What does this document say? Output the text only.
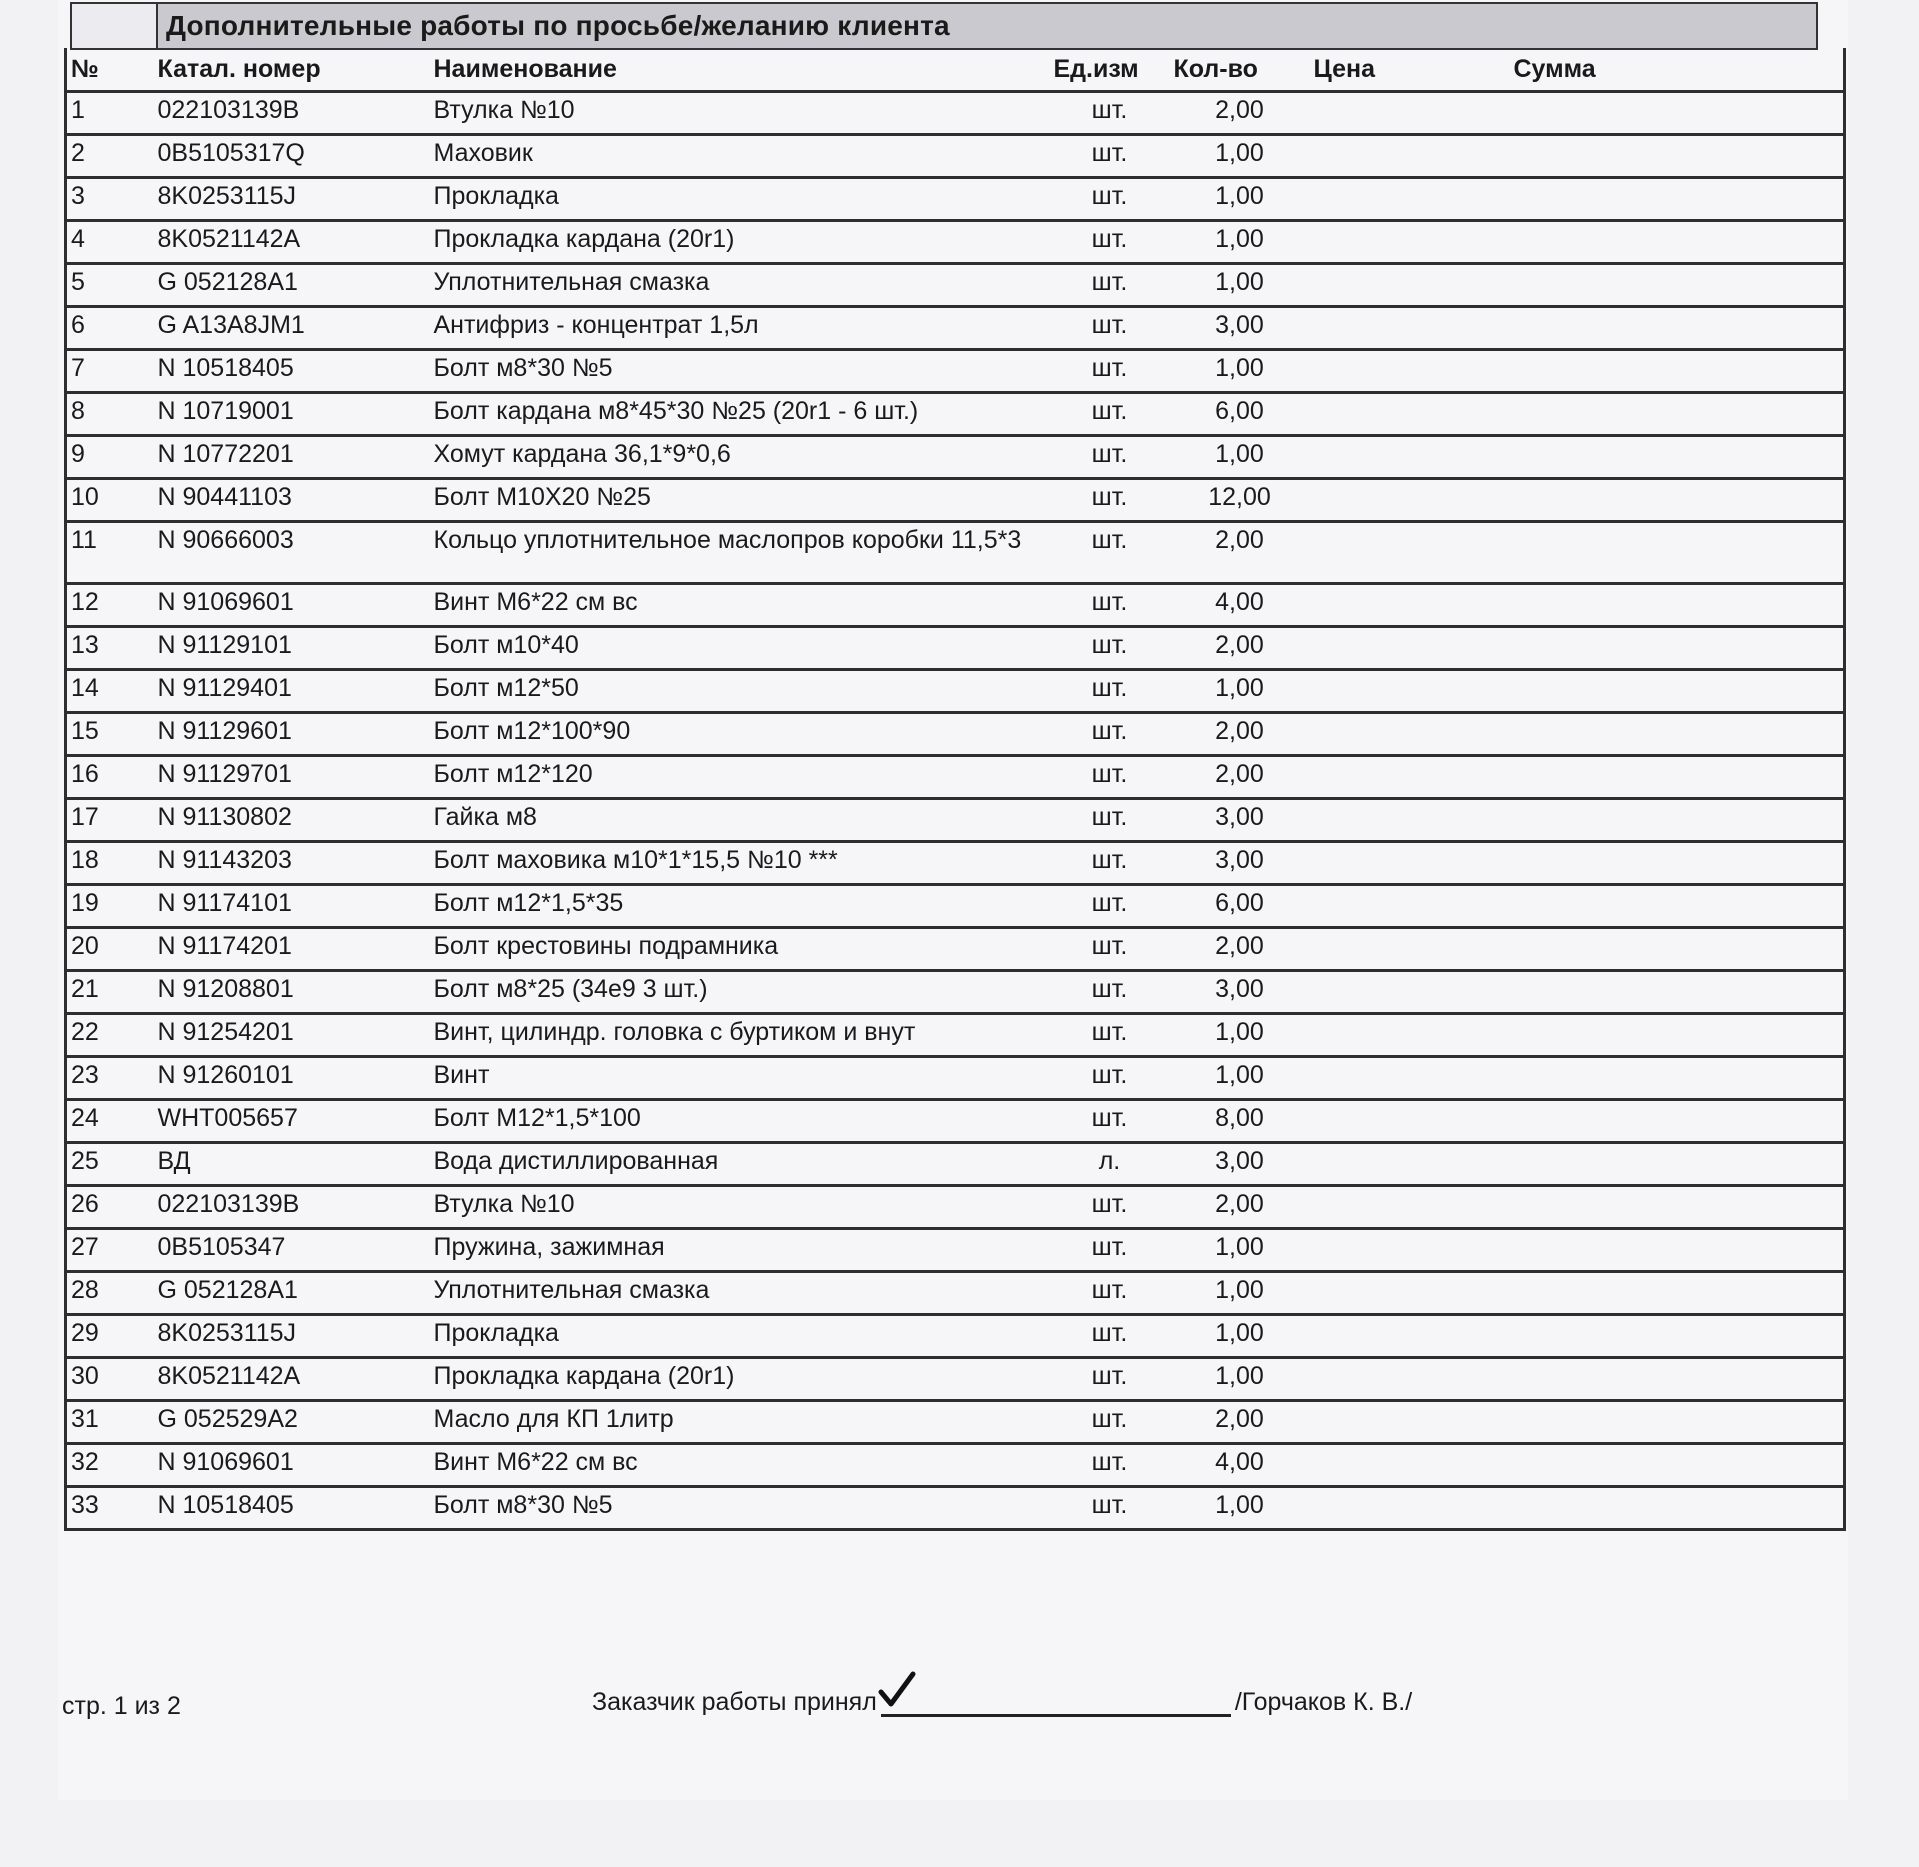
Дополнительные работы по просьбе/желанию клиента
№	Катал. номер	Наименование	Ед.изм	Кол-во	Цена	Сумма
1	022103139B	Втулка №10	шт.	2,00		
2	0B5105317Q	Маховик	шт.	1,00		
3	8K0253115J	Прокладка	шт.	1,00		
4	8K0521142A	Прокладка кардана (20r1)	шт.	1,00		
5	G 052128A1	Уплотнительная смазка	шт.	1,00		
6	G A13A8JM1	Антифриз - концентрат 1,5л	шт.	3,00		
7	N 10518405	Болт м8*30 №5	шт.	1,00		
8	N 10719001	Болт кардана м8*45*30 №25 (20r1 - 6 шт.)	шт.	6,00		
9	N 10772201	Хомут кардана 36,1*9*0,6	шт.	1,00		
10	N 90441103	Болт М10Х20 №25	шт.	12,00		
11	N 90666003	Кольцо уплотнительное маслопров коробки 11,5*3	шт.	2,00		
12	N 91069601	Винт М6*22 см вс	шт.	4,00		
13	N 91129101	Болт м10*40	шт.	2,00		
14	N 91129401	Болт м12*50	шт.	1,00		
15	N 91129601	Болт м12*100*90	шт.	2,00		
16	N 91129701	Болт м12*120	шт.	2,00		
17	N 91130802	Гайка м8	шт.	3,00		
18	N 91143203	Болт маховика м10*1*15,5 №10 ***	шт.	3,00		
19	N 91174101	Болт м12*1,5*35	шт.	6,00		
20	N 91174201	Болт крестовины подрамника	шт.	2,00		
21	N 91208801	Болт м8*25 (34е9 3 шт.)	шт.	3,00		
22	N 91254201	Винт, цилиндр. головка с буртиком и внут	шт.	1,00		
23	N 91260101	Винт	шт.	1,00		
24	WHT005657	Болт М12*1,5*100	шт.	8,00		
25	ВД	Вода дистиллированная	л.	3,00		
26	022103139B	Втулка №10	шт.	2,00		
27	0B5105347	Пружина, зажимная	шт.	1,00		
28	G 052128A1	Уплотнительная смазка	шт.	1,00		
29	8K0253115J	Прокладка	шт.	1,00		
30	8K0521142A	Прокладка кардана (20r1)	шт.	1,00		
31	G 052529A2	Масло для КП 1литр	шт.	2,00		
32	N 91069601	Винт М6*22 см вс	шт.	4,00		
33	N 10518405	Болт м8*30 №5	шт.	1,00		
стр. 1 из 2	Заказчик работы принял	/Горчаков К. В./
